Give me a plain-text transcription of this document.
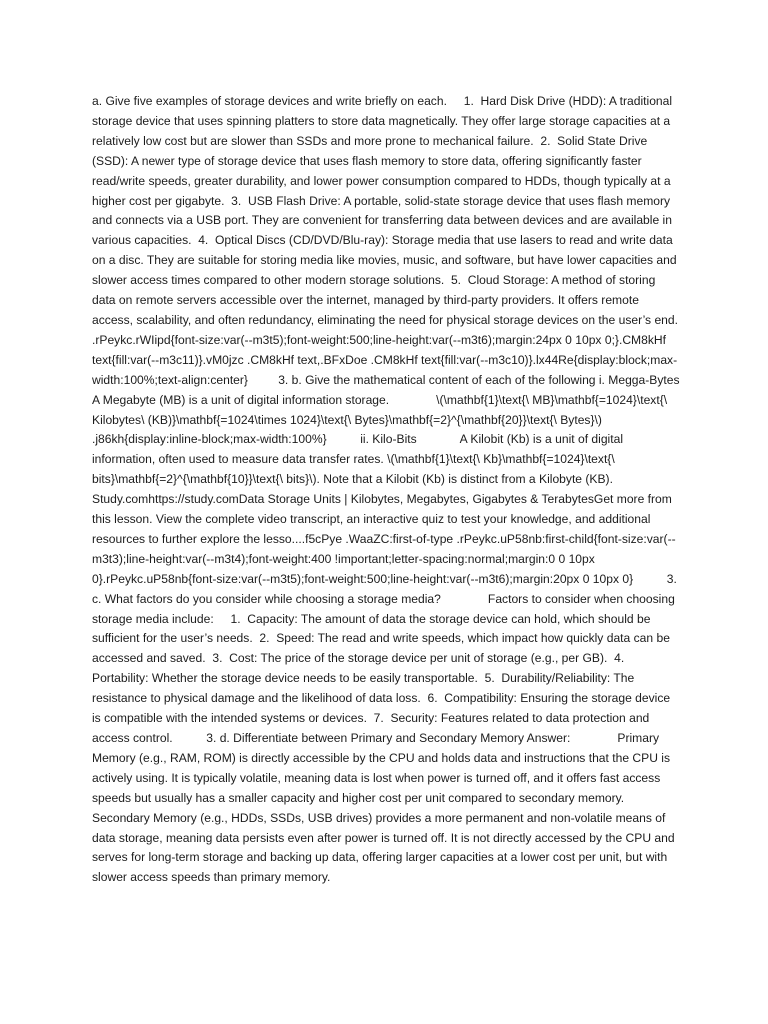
a. Give five examples of storage devices and write briefly on each.     1.  Hard Disk Drive (HDD): A traditional storage device that uses spinning platters to store data magnetically. They offer large storage capacities at a relatively low cost but are slower than SSDs and more prone to mechanical failure.  2.  Solid State Drive (SSD): A newer type of storage device that uses flash memory to store data, offering significantly faster read/write speeds, greater durability, and lower power consumption compared to HDDs, though typically at a higher cost per gigabyte.  3.  USB Flash Drive: A portable, solid-state storage device that uses flash memory and connects via a USB port. They are convenient for transferring data between devices and are available in various capacities.  4.  Optical Discs (CD/DVD/Blu-ray): Storage media that use lasers to read and write data on a disc. They are suitable for storing media like movies, music, and software, but have lower capacities and slower access times compared to other modern storage solutions.  5.  Cloud Storage: A method of storing data on remote servers accessible over the internet, managed by third-party providers. It offers remote access, scalability, and often redundancy, eliminating the need for physical storage devices on the user’s end.   .rPeykc.rWIipd{font-size:var(--m3t5);font-weight:500;line-height:var(--m3t6);margin:24px 0 10px 0;}.CM8kHf text{fill:var(--m3c11)}.vM0jzc .CM8kHf text,.BFxDoe .CM8kHf text{fill:var(--m3c10)}.lx44Re{display:block;max-width:100%;text-align:center}         3. b. Give the mathematical content of each of the following i. Megga-Bytes              A Megabyte (MB) is a unit of digital information storage.              \(\mathbf{1}\text{\ MB}\mathbf{=1024}\text{\ Kilobytes\ (KB)}\mathbf{=1024\times 1024}\text{\ Bytes}\mathbf{=2}^{\mathbf{20}}\text{\ Bytes}\)       .j86kh{display:inline-block;max-width:100%}          ii. Kilo-Bits             A Kilobit (Kb) is a unit of digital information, often used to measure data transfer rates. \(\mathbf{1}\text{\ Kb}\mathbf{=1024}\text{\ bits}\mathbf{=2}^{\mathbf{10}}\text{\ bits}\). Note that a Kilobit (Kb) is distinct from a Kilobyte (KB).      Study.comhttps://study.comData Storage Units | Kilobytes, Megabytes, Gigabytes & TerabytesGet more from this lesson. View the complete video transcript, an interactive quiz to test your knowledge, and additional resources to further explore the lesso....f5cPye .WaaZC:first-of-type .rPeykc.uP58nb:first-child{font-size:var(--m3t3);line-height:var(--m3t4);font-weight:400 !important;letter-spacing:normal;margin:0 0 10px 0}.rPeykc.uP58nb{font-size:var(--m3t5);font-weight:500;line-height:var(--m3t6);margin:20px 0 10px 0}          3. c. What factors do you consider while choosing a storage media?              Factors to consider when choosing storage media include:     1.  Capacity: The amount of data the storage device can hold, which should be sufficient for the user’s needs.  2.  Speed: The read and write speeds, which impact how quickly data can be accessed and saved.  3.  Cost: The price of the storage device per unit of storage (e.g., per GB).  4.  Portability: Whether the storage device needs to be easily transportable.  5.  Durability/Reliability: The resistance to physical damage and the likelihood of data loss.  6.  Compatibility: Ensuring the storage device is compatible with the intended systems or devices.  7.  Security: Features related to data protection and access control.          3. d. Differentiate between Primary and Secondary Memory Answer:              Primary Memory (e.g., RAM, ROM) is directly accessible by the CPU and holds data and instructions that the CPU is actively using. It is typically volatile, meaning data is lost when power is turned off, and it offers fast access speeds but usually has a smaller capacity and higher cost per unit compared to secondary memory. Secondary Memory (e.g., HDDs, SSDs, USB drives) provides a more permanent and non-volatile means of data storage, meaning data persists even after power is turned off. It is not directly accessed by the CPU and serves for long-term storage and backing up data, offering larger capacities at a lower cost per unit, but with slower access speeds than primary memory.
